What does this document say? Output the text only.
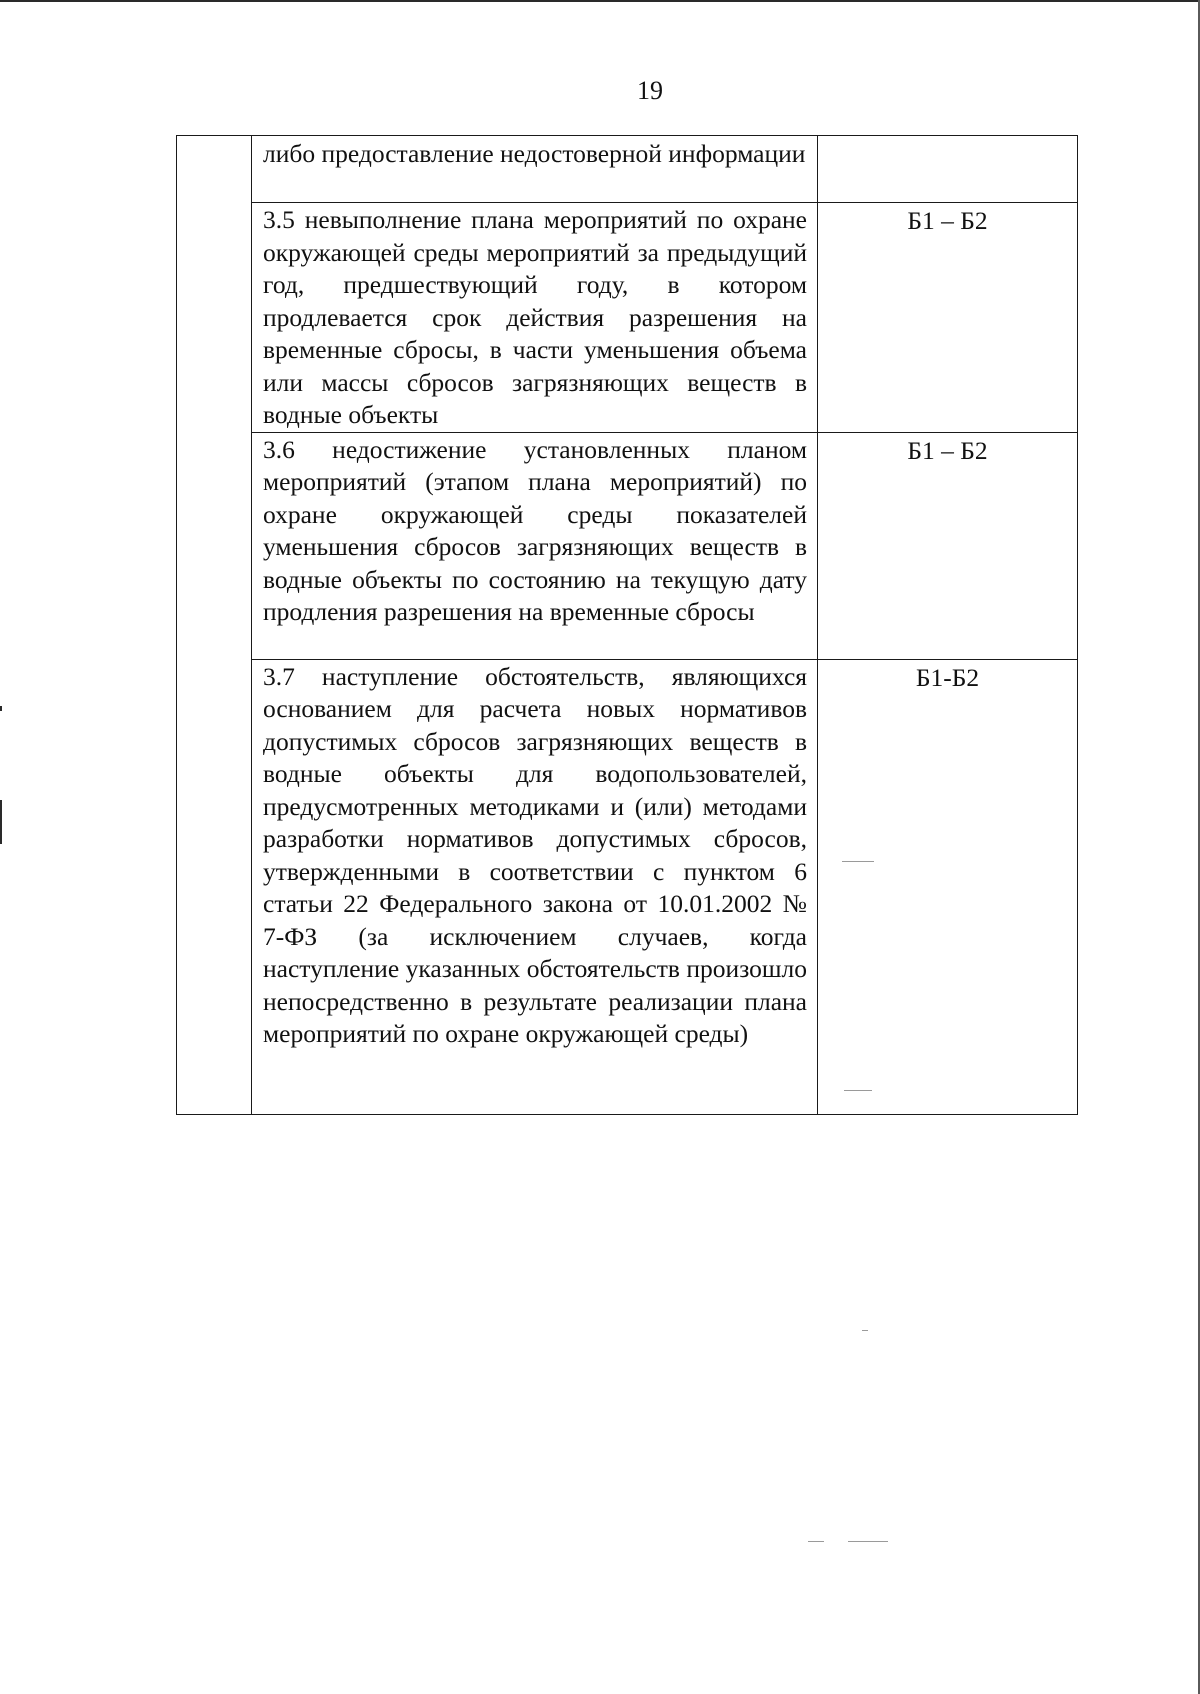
19

	либо предоставление недостоверной информации	

	3.5 невыполнение плана мероприятий по охране окружающей среды мероприятий за предыдущий год, предшествующий году, в котором продлевается срок действия разрешения на временные сбросы, в части уменьшения объема или массы сбросов загрязняющих веществ в водные объекты	Б1 – Б2

	3.6 недостижение установленных планом мероприятий (этапом плана мероприятий) по охране окружающей среды показателей уменьшения сбросов загрязняющих веществ в водные объекты по состоянию на текущую дату продления разрешения на временные сбросы	Б1 – Б2

	3.7 наступление обстоятельств, являющихся основанием для расчета новых нормативов допустимых сбросов загрязняющих веществ в водные объекты для водопользователей, предусмотренных методиками и (или) методами разработки нормативов допустимых сбросов, утвержденными в соответствии с пунктом 6 статьи 22 Федерального закона от 10.01.2002 № 7-ФЗ (за исключением случаев, когда наступление указанных обстоятельств произошло непосредственно в результате реализации плана мероприятий по охране окружающей среды)	Б1-Б2
